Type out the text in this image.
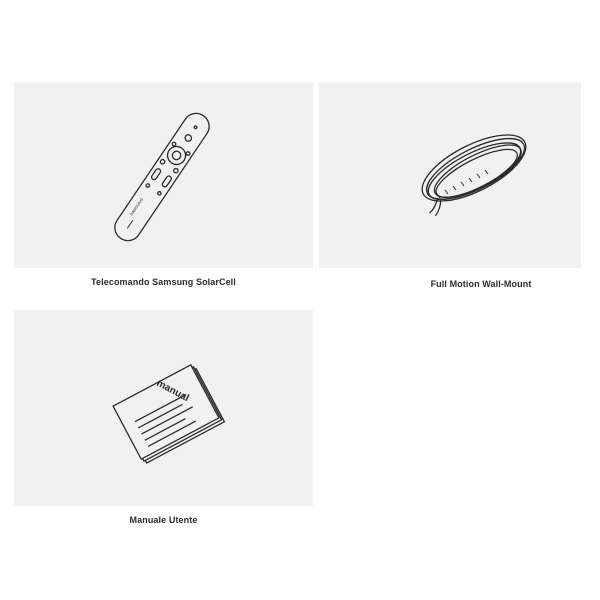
SAMSUNG
Telecomando Samsung SolarCell	Full Motion Wall-Mount
manual
Manuale Utente
